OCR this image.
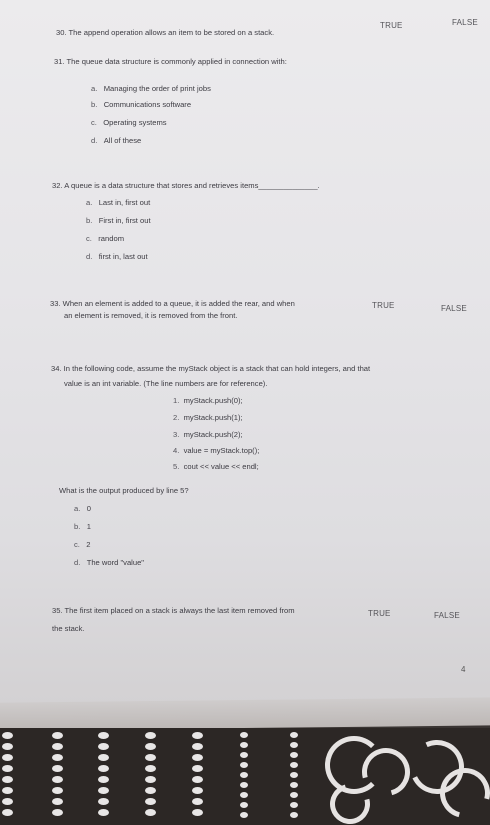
30. The append operation allows an item to be stored on a stack.
TRUE	FALSE
31. The queue data structure is commonly applied in connection with:
a. Managing the order of print jobs
b. Communications software
c. Operating systems
d. All of these
32. A queue is a data structure that stores and retrieves items______________.
a. Last in, first out
b. First in, first out
c. random
d. first in, last out
33. When an element is added to a queue, it is added the rear, and when
an element is removed, it is removed from the front.
TRUE	FALSE
34. In the following code, assume the myStack object is a stack that can hold integers, and that
value is an int variable. (The line numbers are for reference).
1. myStack.push(0);
2. myStack.push(1);
3. myStack.push(2);
4. value = myStack.top();
5. cout << value << endl;
What is the output produced by line 5?
a. 0
b. 1
c. 2
d. The word "value"
35. The first item placed on a stack is always the last item removed from
the stack.
TRUE	FALSE
4
